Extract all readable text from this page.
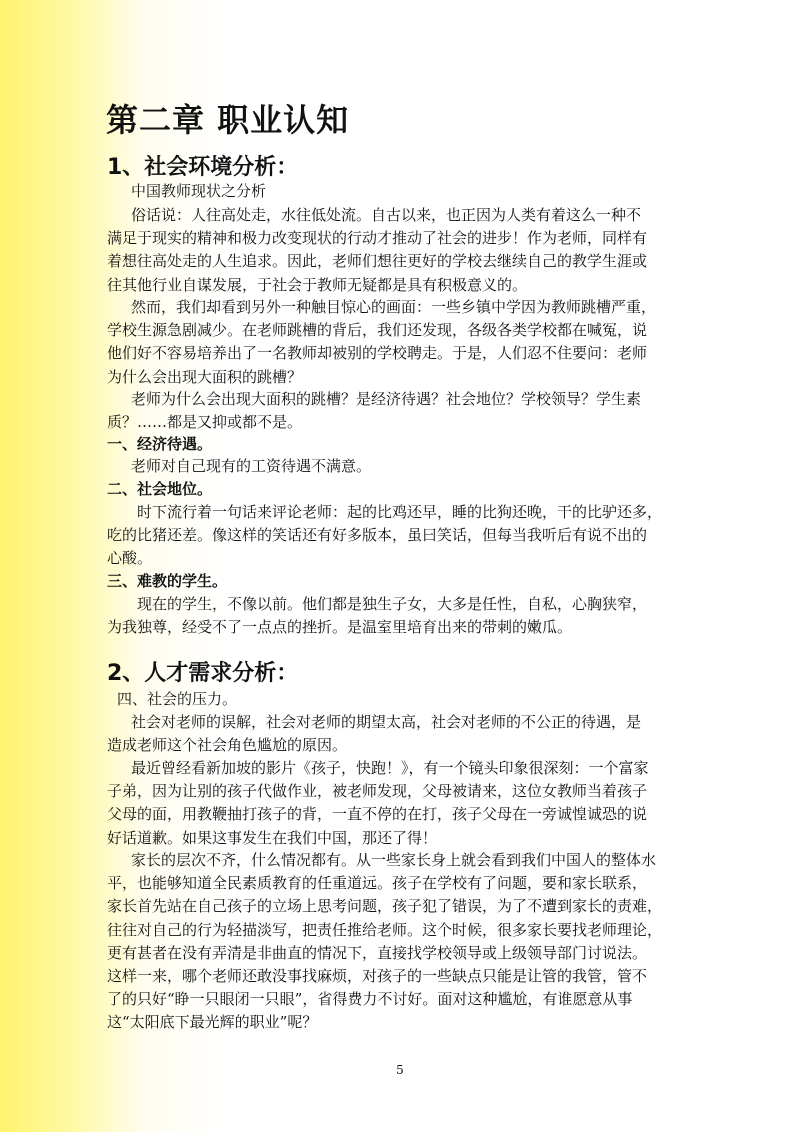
第二章 职业认知
1、社会环境分析：
中国教师现状之分析
俗话说：人往高处走，水往低处流。自古以来，也正因为人类有着这么一种不
满足于现实的精神和极力改变现状的行动才推动了社会的进步！作为老师，同样有
着想往高处走的人生追求。因此，老师们想往更好的学校去继续自己的教学生涯或
往其他行业自谋发展，于社会于教师无疑都是具有积极意义的。
然而，我们却看到另外一种触目惊心的画面：一些乡镇中学因为教师跳槽严重，
学校生源急剧减少。在老师跳槽的背后，我们还发现，各级各类学校都在喊冤，说
他们好不容易培养出了一名教师却被别的学校聘走。于是，人们忍不住要问：老师
为什么会出现大面积的跳槽？
老师为什么会出现大面积的跳槽？是经济待遇？社会地位？学校领导？学生素
质？……都是又抑或都不是。
一、经济待遇。
老师对自己现有的工资待遇不满意。
二、社会地位。
时下流行着一句话来评论老师：起的比鸡还早，睡的比狗还晚，干的比驴还多，
吃的比猪还差。像这样的笑话还有好多版本，虽曰笑话，但每当我听后有说不出的
心酸。
三、难教的学生。
现在的学生，不像以前。他们都是独生子女，大多是任性，自私，心胸狭窄，
为我独尊，经受不了一点点的挫折。是温室里培育出来的带刺的嫩瓜。
2、人才需求分析：
四、社会的压力。
社会对老师的误解，社会对老师的期望太高，社会对老师的不公正的待遇，是
造成老师这个社会角色尴尬的原因。
最近曾经看新加坡的影片《孩子，快跑！》，有一个镜头印象很深刻：一个富家
子弟，因为让别的孩子代做作业，被老师发现，父母被请来，这位女教师当着孩子
父母的面，用教鞭抽打孩子的背，一直不停的在打，孩子父母在一旁诚惶诚恐的说
好话道歉。如果这事发生在我们中国，那还了得！
家长的层次不齐，什么情况都有。从一些家长身上就会看到我们中国人的整体水
平，也能够知道全民素质教育的任重道远。孩子在学校有了问题，要和家长联系，
家长首先站在自己孩子的立场上思考问题，孩子犯了错误，为了不遭到家长的责难，
往往对自己的行为轻描淡写，把责任推给老师。这个时候，很多家长要找老师理论，
更有甚者在没有弄清是非曲直的情况下，直接找学校领导或上级领导部门讨说法。
这样一来，哪个老师还敢没事找麻烦，对孩子的一些缺点只能是让管的我管，管不
了的只好“睁一只眼闭一只眼”，省得费力不讨好。面对这种尴尬，有谁愿意从事
这“太阳底下最光辉的职业”呢？
5
